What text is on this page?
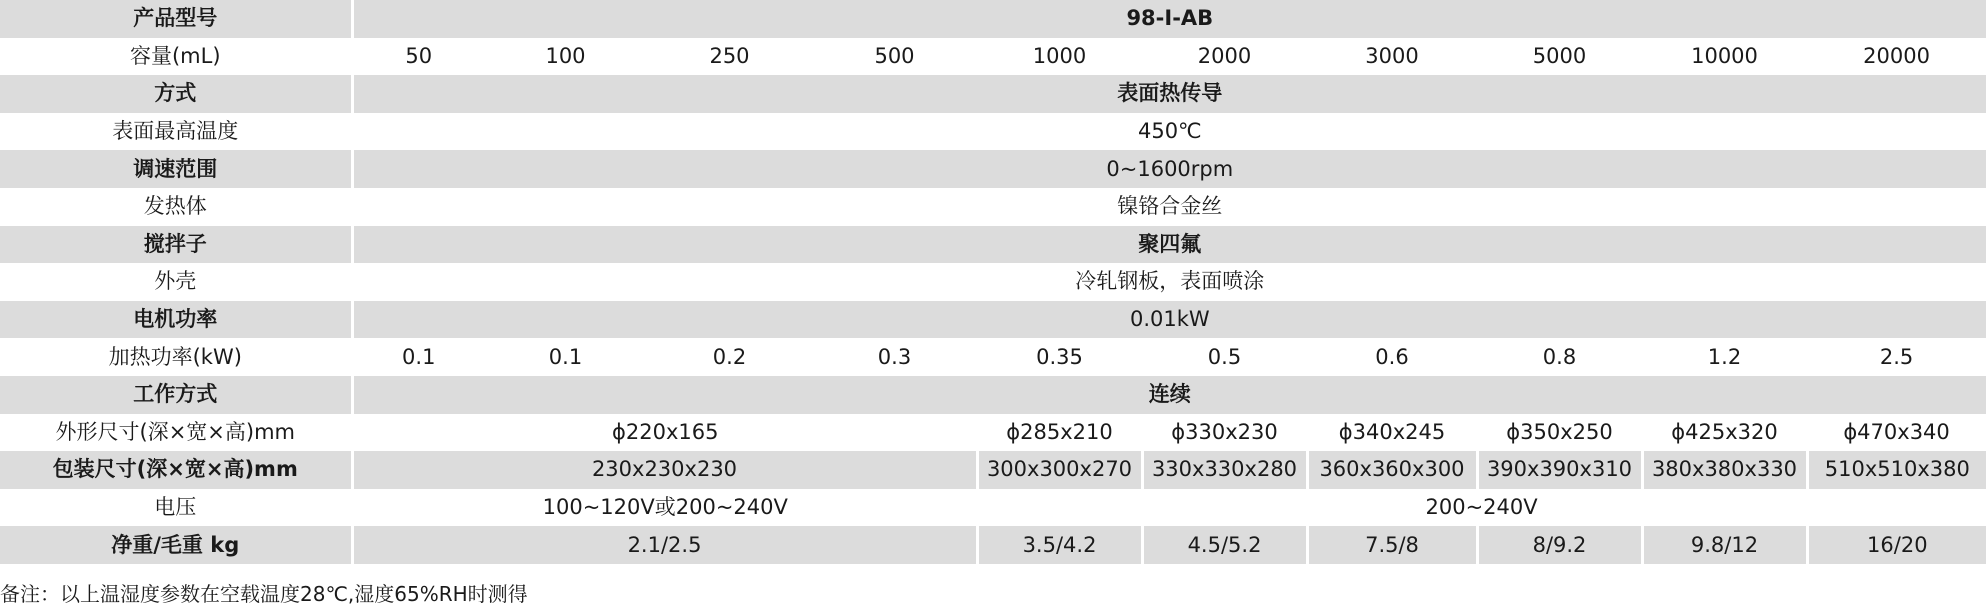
产品型号	98-I-AB									
容量(mL)	50	100	250	500	1000	2000	3000	5000	10000	20000
方式	表面热传导									
表面最高温度	450℃									
调速范围	0~1600rpm									
发热体	镍铬合金丝									
搅拌子	聚四氟									
外壳	冷轧钢板，表面喷涂									
电机功率	0.01kW									
加热功率(kW)	0.1	0.1	0.2	0.3	0.35	0.5	0.6	0.8	1.2	2.5
工作方式	连续									
外形尺寸(深×宽×高)mm	ϕ220x165				ϕ285x210	ϕ330x230	ϕ340x245	ϕ350x250	ϕ425x320	ϕ470x340
包装尺寸(深×宽×高)mm	230x230x230				300x300x270	330x330x280	360x360x300	390x390x310	380x380x330	510x510x380
电压	100~120V或200~240V				200~240V					
净重/毛重 kg	2.1/2.5				3.5/4.2	4.5/5.2	7.5/8	8/9.2	9.8/12	16/20
备注：以上温湿度参数在空载温度28℃,湿度65%RH时测得
